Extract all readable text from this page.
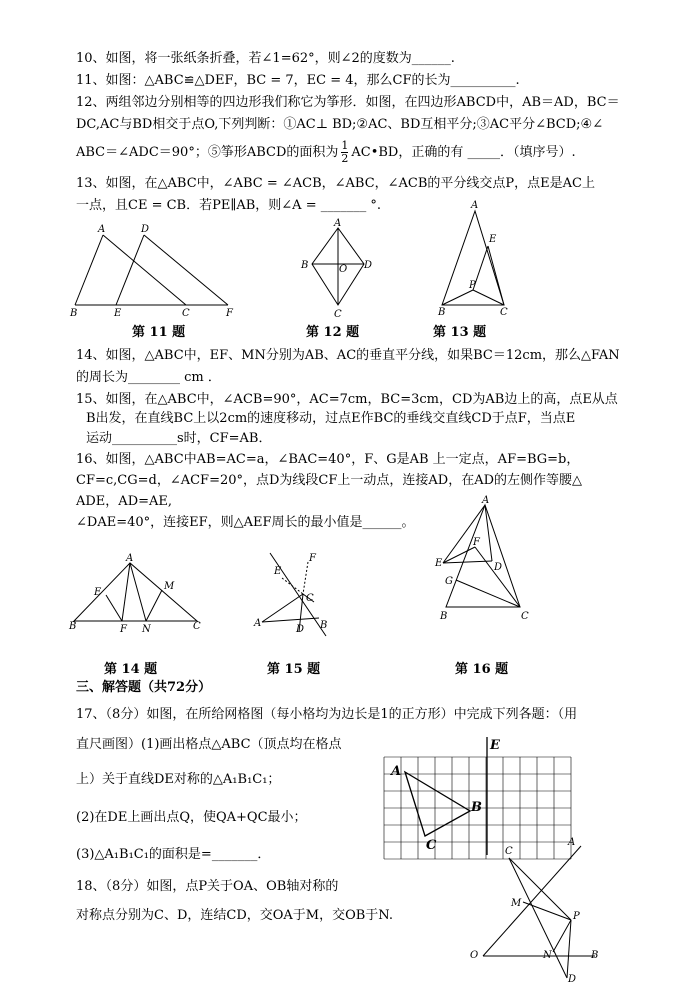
10、如图，将一张纸条折叠，若∠1=62°，则∠2的度数为______.
11、如图：△ABC≌△DEF，BC = 7，EC = 4，那么CF的长为__________.
12、两组邻边分别相等的四边形我们称它为筝形．如图，在四边形ABCD中，AB＝AD，BC＝
DC,AC与BD相交于点O,下列判断：①AC⊥ BD;②AC、BD互相平分;③AC平分∠BCD;④∠
ABC＝∠ADC＝90°；⑤筝形ABCD的面积为 $\frac{1}{2}$ AC•BD，正确的有 _____．（填序号）.
13、如图，在△ABC中，∠ABC = ∠ACB，∠ABC，∠ACB的平分线交点P，点E是AC上
一点，且CE = CB．若PE∥AB，则∠A = _______ °.
A	D
B	E	C	F
A
B	O D
C
A
E
P
B	C
第 11 题	第 12 题	第 13 题
14、如图，△ABC中，EF、MN分别为AB、AC的垂直平分线，如果BC＝12cm，那么△FAN
的周长为________ cm ．
15、如图，在△ABC中，∠ACB=90°，AC=7cm，BC=3cm，CD为AB边上的高，点E从点
B出发，在直线BC上以2cm的速度移动，过点E作BC的垂线交直线CD于点F，当点E
运动__________s时，CF=AB．
16、如图，△ABC中AB=AC=a，∠BAC=40°，F、G是AB 上一定点，AF=BG=b，
CF=c,CG=d，∠ACF=20°，点D为线段CF上一动点，连接AD，在AD的左侧作等腰△
ADE，AD=AE,
∠DAE=40°，连接EF，则△AEF周长的最小值是______。
A
E
M
B	F N	C
F
E
C
A
D B
A
F
E	D
G
B	C
第 14 题	第 15 题	第 16 题
三、解答题（共72分）
17、（8分）如图，在所给网格图（每小格均为边长是1的正方形）中完成下列各题：（用
直尺画图）(1)画出格点△ABC（顶点均在格点
上）关于直线DE对称的△A₁B₁C₁；
(2)在DE上画出点Q，使QA+QC最小；
(3)△A₁B₁C₁的面积是=_______．
E
A
B
C
18、（8分）如图，点P关于OA、OB轴对称的
对称点分别为C、D，连结CD，交OA于M，交OB于N.
C
A
M
P
O	N	B
D
